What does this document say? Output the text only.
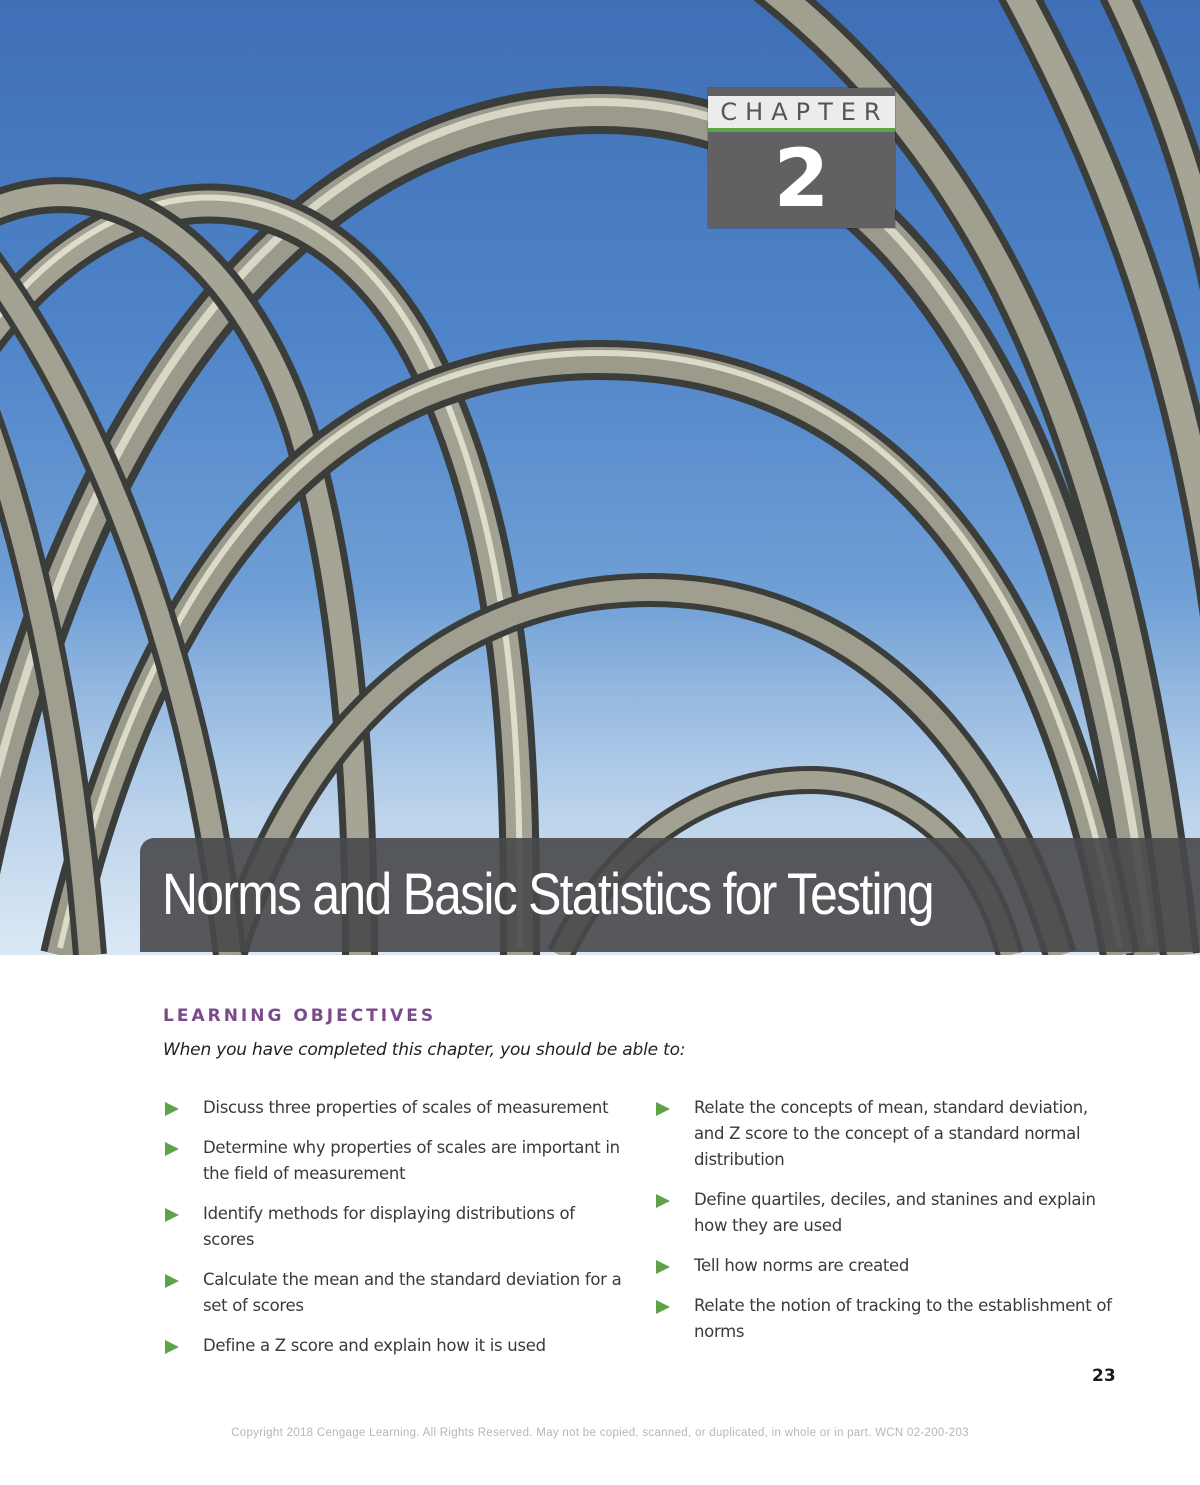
CHAPTER
2
Norms and Basic Statistics for Testing
LEARNING OBJECTIVES
When you have completed this chapter, you should be able to:
Discuss three properties of scales of measurement
Determine why properties of scales are important in the field of measurement
Identify methods for displaying distributions of scores
Calculate the mean and the standard deviation for a set of scores
Define a Z score and explain how it is used
Relate the concepts of mean, standard deviation, and Z score to the concept of a standard normal distribution
Define quartiles, deciles, and stanines and explain how they are used
Tell how norms are created
Relate the notion of tracking to the establishment of norms
23
Copyright 2018 Cengage Learning. All Rights Reserved. May not be copied, scanned, or duplicated, in whole or in part. WCN 02-200-203
